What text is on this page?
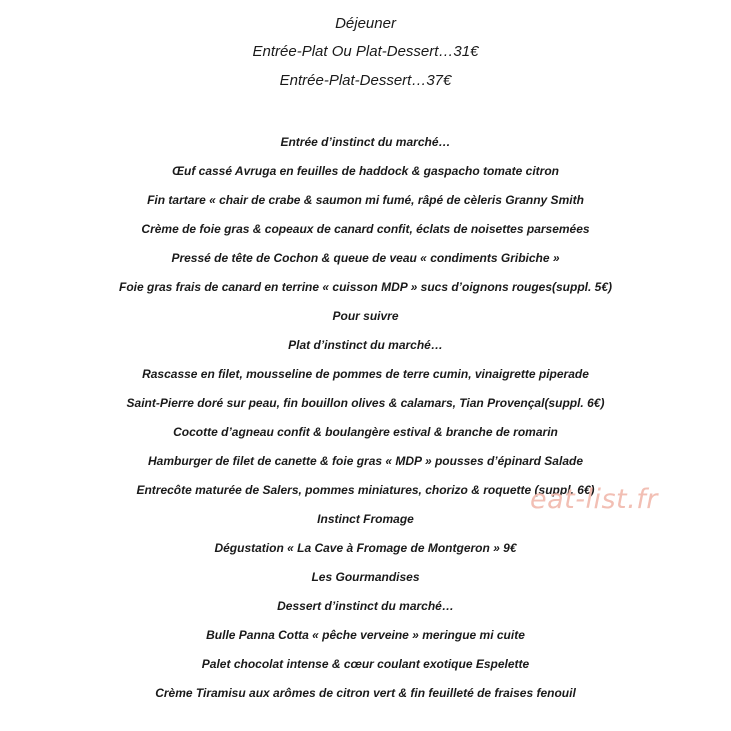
Déjeuner
Entrée-Plat Ou Plat-Dessert…31€
Entrée-Plat-Dessert…37€
Entrée d’instinct du marché…
Œuf cassé Avruga en feuilles de haddock & gaspacho tomate citron
Fin tartare « chair de crabe & saumon mi fumé, râpé de cèleris Granny Smith
Crème de foie gras & copeaux de canard confit, éclats de noisettes parsemées
Pressé de tête de Cochon & queue de veau « condiments Gribiche »
Foie gras frais de canard en terrine « cuisson MDP » sucs d’oignons rouges(suppl. 5€)
Pour suivre
Plat d’instinct du marché…
Rascasse en filet, mousseline de pommes de terre cumin, vinaigrette piperade
Saint-Pierre doré sur peau, fin bouillon olives & calamars, Tian Provençal(suppl. 6€)
Cocotte d’agneau confit & boulangère estival & branche de romarin
Hamburger de filet de canette & foie gras « MDP » pousses d’épinard Salade
Entrecôte maturée de Salers, pommes miniatures, chorizo & roquette (suppl. 6€)
Instinct Fromage
Dégustation « La Cave à Fromage de Montgeron » 9€
Les Gourmandises
Dessert d’instinct du marché…
Bulle Panna Cotta « pêche verveine » meringue mi cuite
Palet chocolat intense & cœur coulant exotique Espelette
Crème Tiramisu aux arômes de citron vert & fin feuilleté de fraises fenouil
eat-list.fr
